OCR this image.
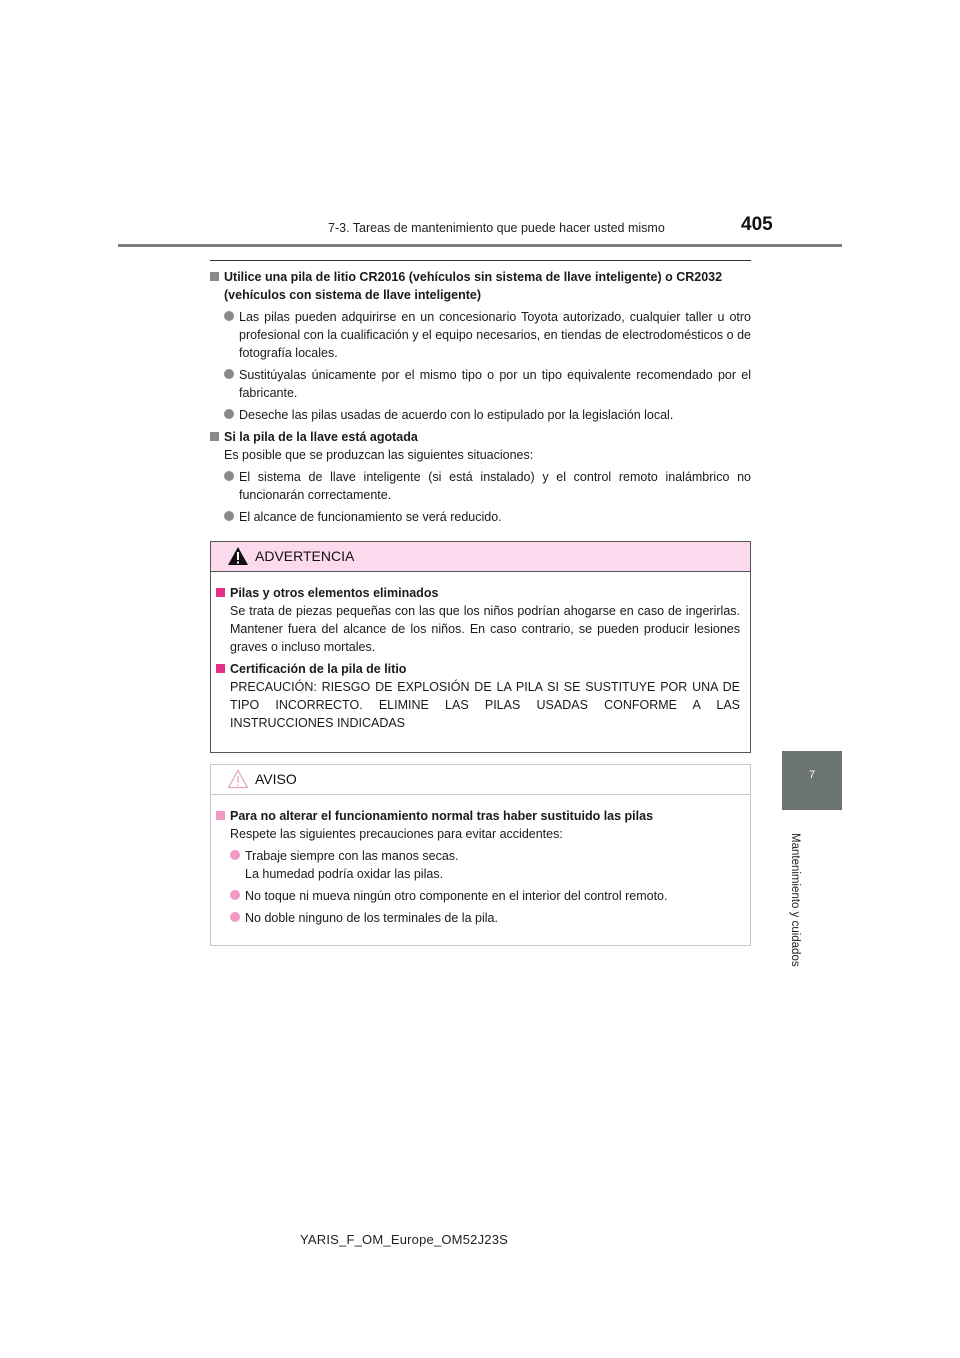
7-3. Tareas de mantenimiento que puede hacer usted mismo	405
7
Mantenimiento y cuidados
Utilice una pila de litio CR2016 (vehículos sin sistema de llave inteligente) o CR2032 (vehículos con sistema de llave inteligente)
Las pilas pueden adquirirse en un concesionario Toyota autorizado, cualquier taller u otro profesional con la cualificación y el equipo necesarios, en tiendas de electrodomésticos o de fotografía locales.
Sustitúyalas únicamente por el mismo tipo o por un tipo equivalente recomendado por el fabricante.
Deseche las pilas usadas de acuerdo con lo estipulado por la legislación local.
Si la pila de la llave está agotada
Es posible que se produzcan las siguientes situaciones:
El sistema de llave inteligente (si está instalado) y el control remoto inalámbrico no funcionarán correctamente.
El alcance de funcionamiento se verá reducido.
ADVERTENCIA
Pilas y otros elementos eliminados
Se trata de piezas pequeñas con las que los niños podrían ahogarse en caso de ingerirlas. Mantener fuera del alcance de los niños. En caso contrario, se pueden producir lesiones graves o incluso mortales.
Certificación de la pila de litio
PRECAUCIÓN: RIESGO DE EXPLOSIÓN DE LA PILA SI SE SUSTITUYE POR UNA DE TIPO INCORRECTO. ELIMINE LAS PILAS USADAS CONFORME A LAS INSTRUCCIONES INDICADAS
AVISO
Para no alterar el funcionamiento normal tras haber sustituido las pilas
Respete las siguientes precauciones para evitar accidentes:
Trabaje siempre con las manos secas.
La humedad podría oxidar las pilas.
No toque ni mueva ningún otro componente en el interior del control remoto.
No doble ninguno de los terminales de la pila.
YARIS_F_OM_Europe_OM52J23S
